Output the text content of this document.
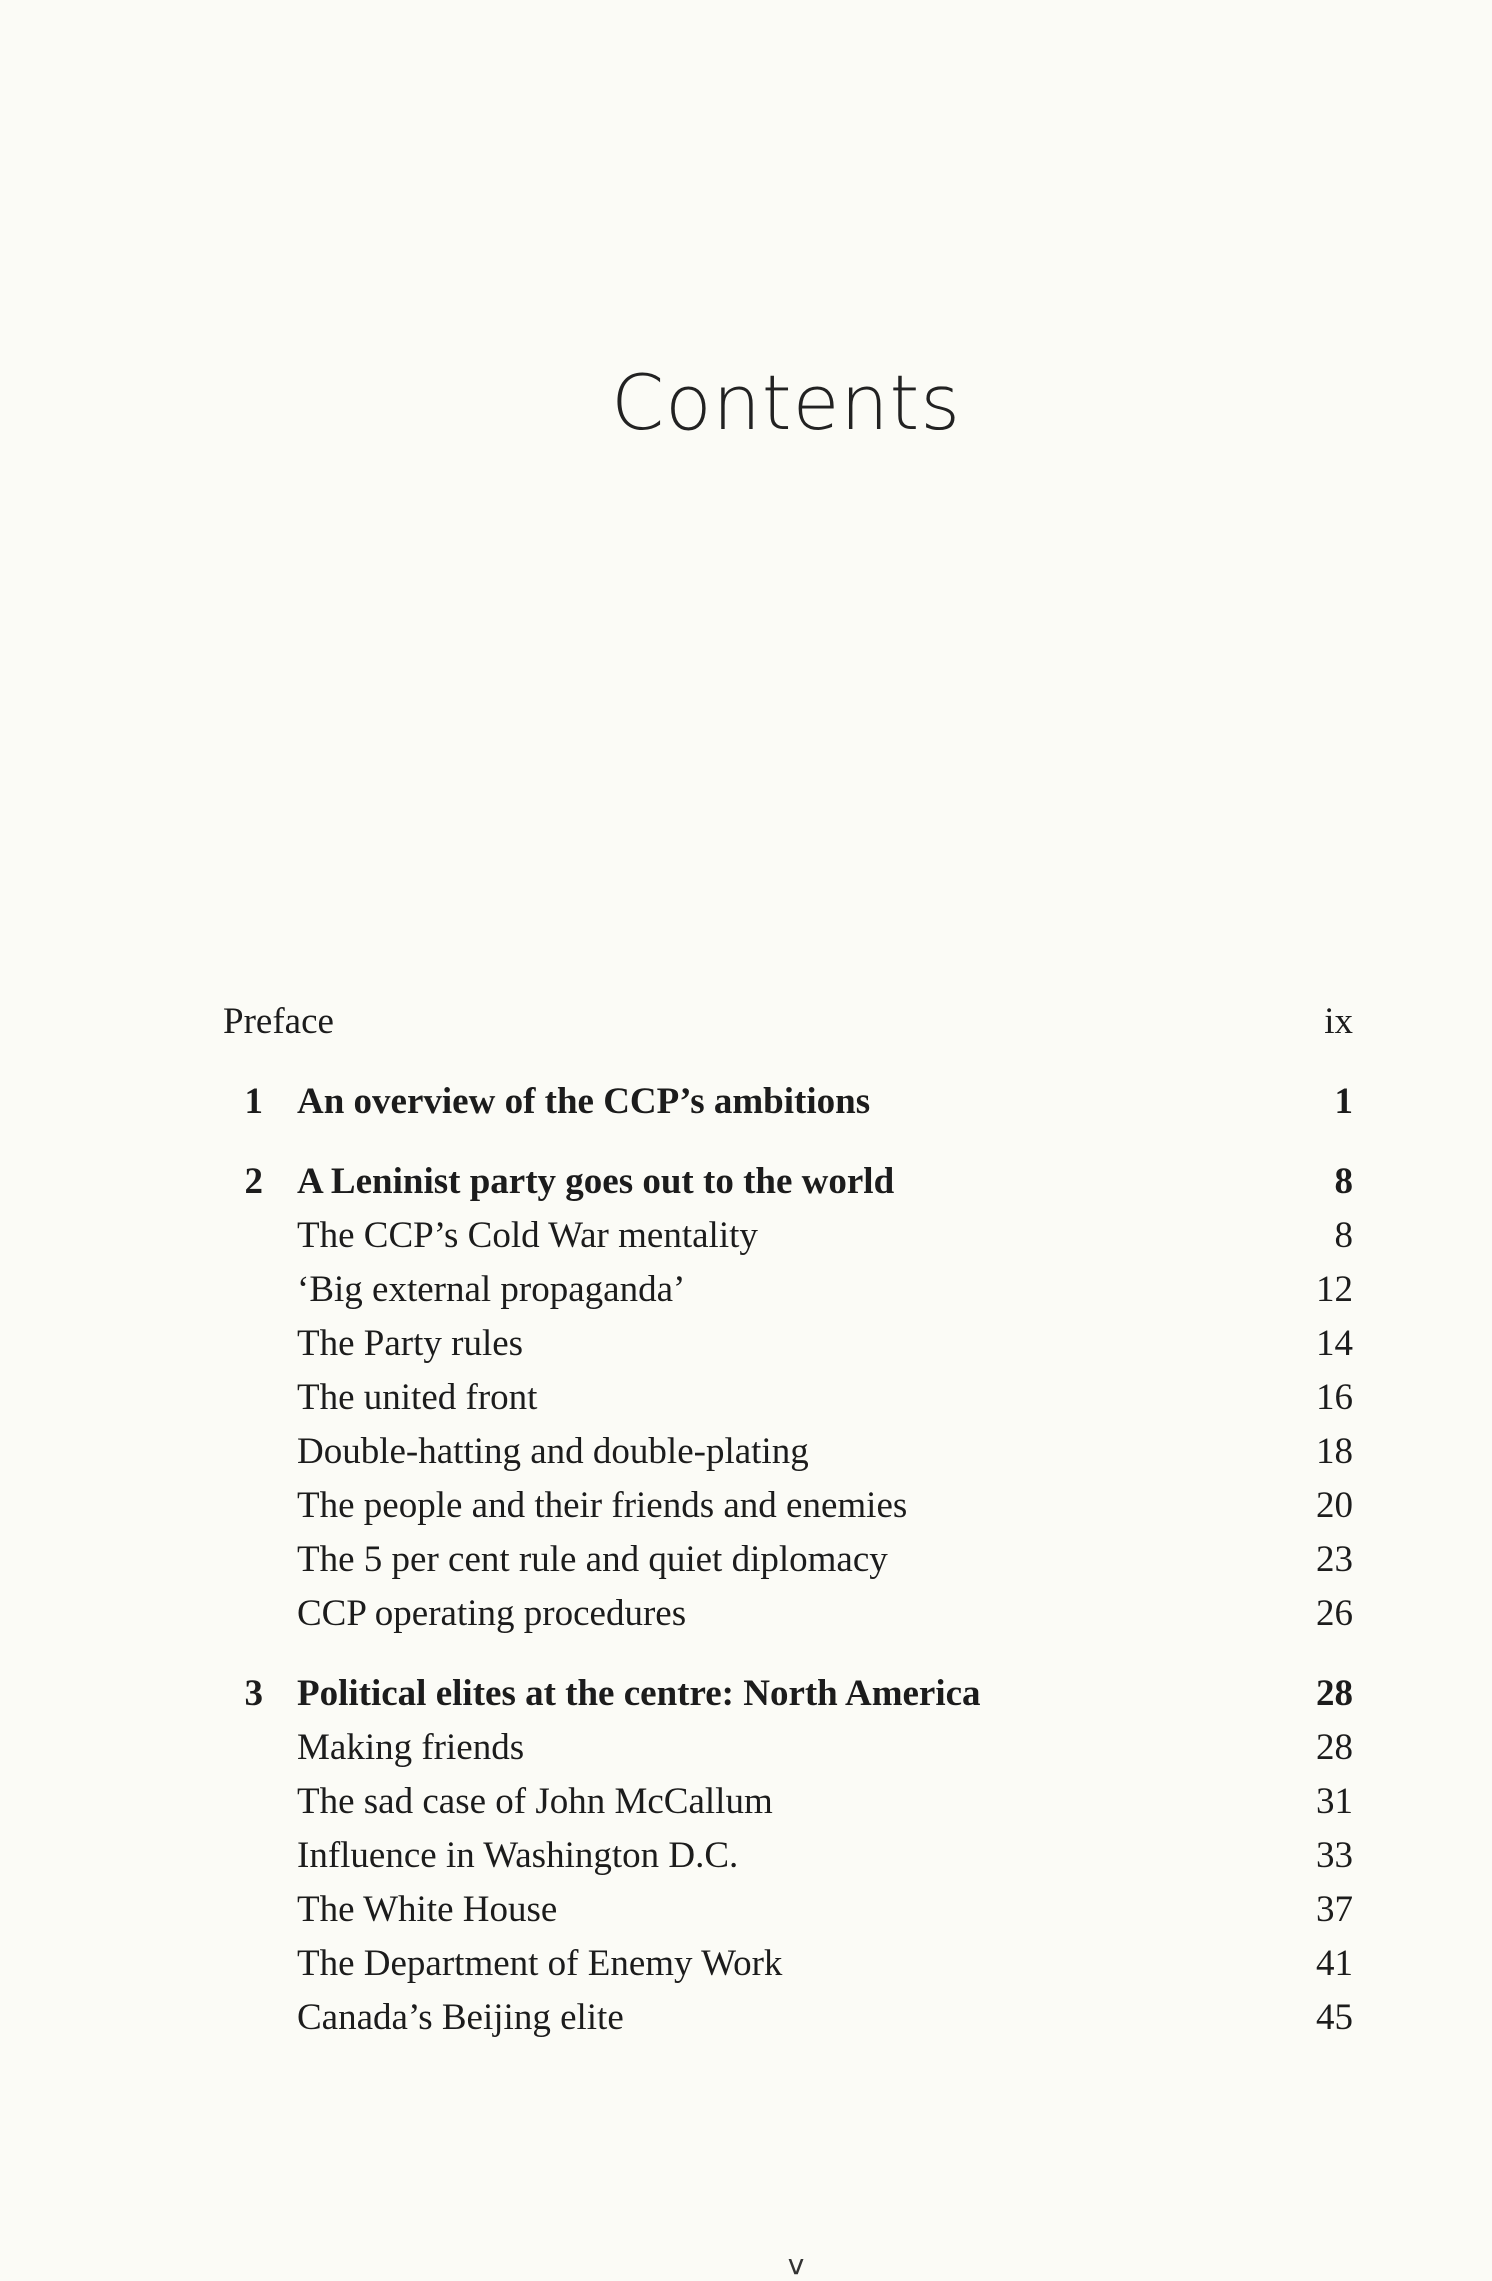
Contents
Preface	ix
1 An overview of the CCP’s ambitions	1
2 A Leninist party goes out to the world	8
The CCP’s Cold War mentality	8
‘Big external propaganda’	12
The Party rules	14
The united front	16
Double-hatting and double-plating	18
The people and their friends and enemies	20
The 5 per cent rule and quiet diplomacy	23
CCP operating procedures	26
3 Political elites at the centre: North America	28
Making friends	28
The sad case of John McCallum	31
Influence in Washington D.C.	33
The White House	37
The Department of Enemy Work	41
Canada’s Beijing elite	45
v
